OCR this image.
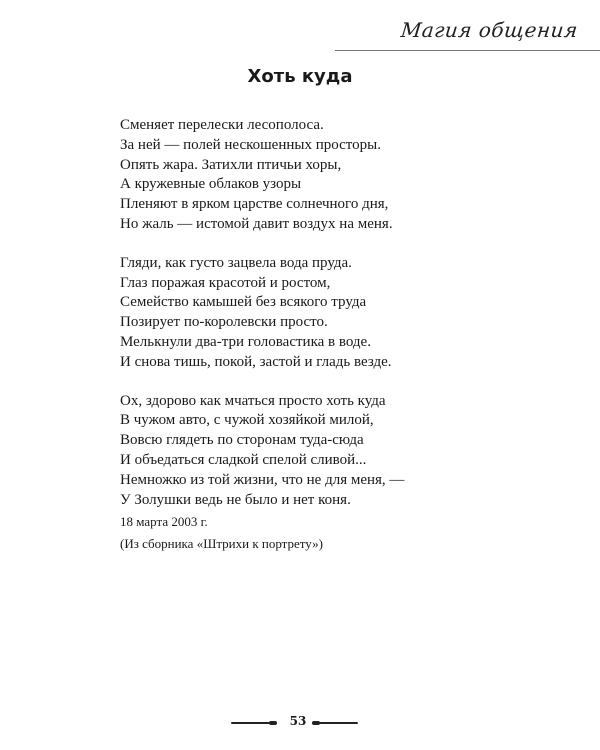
Магия общения
Хоть куда
Сменяет перелески лесополоса.
За ней — полей нескошенных просторы.
Опять жара. Затихли птичьи хоры,
А кружевные облаков узоры
Пленяют в ярком царстве солнечного дня,
Но жаль — истомой давит воздух на меня.
Гляди, как густо зацвела вода пруда.
Глаз поражая красотой и ростом,
Семейство камышей без всякого труда
Позирует по-королевски просто.
Мелькнули два-три головастика в воде.
И снова тишь, покой, застой и гладь везде.
Ох, здорово как мчаться просто хоть куда
В чужом авто, с чужой хозяйкой милой,
Вовсю глядеть по сторонам туда-сюда
И объедаться сладкой спелой сливой...
Немножко из той жизни, что не для меня, —
У Золушки ведь не было и нет коня.
18 марта 2003 г.
(Из сборника «Штрихи к портрету»)
53
